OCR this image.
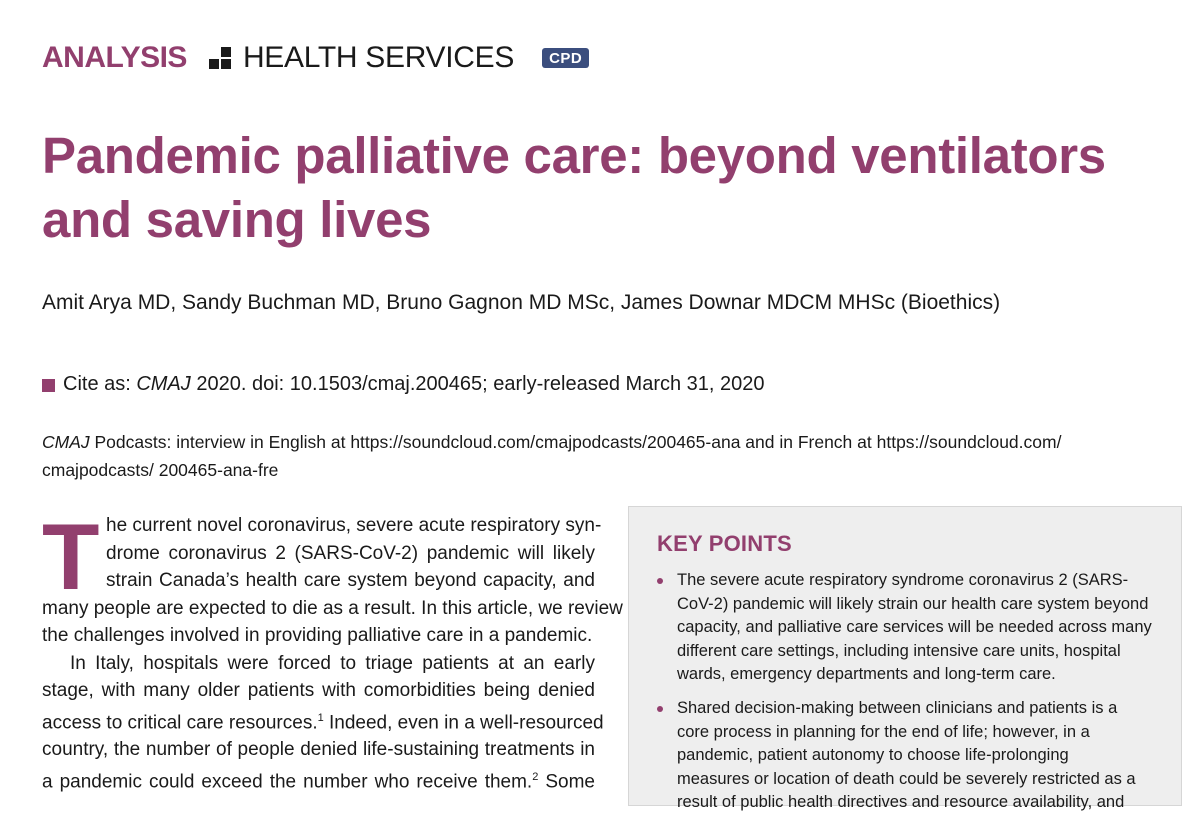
ANALYSIS HEALTH SERVICES	CPD
Pandemic palliative care: beyond ventilators
and saving lives
Amit Arya MD, Sandy Buchman MD, Bruno Gagnon MD MSc, James Downar MDCM MHSc (Bioethics)
Cite as: CMAJ 2020. doi: 10.1503/cmaj.200465; early-released March 31, 2020
CMAJ Podcasts: interview in English at https://soundcloud.com/cmajpodcasts/200465-ana and in French at https://soundcloud.com/
cmajpodcasts/ 200465-ana-fre
T he current novel coronavirus, severe acute respiratory syn-
drome coronavirus 2 (SARS-CoV-2) pandemic will likely
strain Canada’s health care system beyond capacity, and
many people are expected to die as a result. In this article, we review
the challenges involved in providing palliative care in a pandemic.
In Italy, hospitals were forced to triage patients at an early
stage, with many older patients with comorbidities being denied
access to critical care resources.$^1$ Indeed, even in a well-resourced
country, the number of people denied life-sustaining treatments in
a pandemic could exceed the number who receive them.$^2$ Some
KEY POINTS
The severe acute respiratory syndrome coronavirus 2 (SARS-
CoV-2) pandemic will likely strain our health care system beyond
capacity, and palliative care services will be needed across many
different care settings, including intensive care units, hospital
wards, emergency departments and long-term care.
Shared decision-making between clinicians and patients is a
core process in planning for the end of life; however, in a
pandemic, patient autonomy to choose life-prolonging
measures or location of death could be severely restricted as a
result of public health directives and resource availability, and
